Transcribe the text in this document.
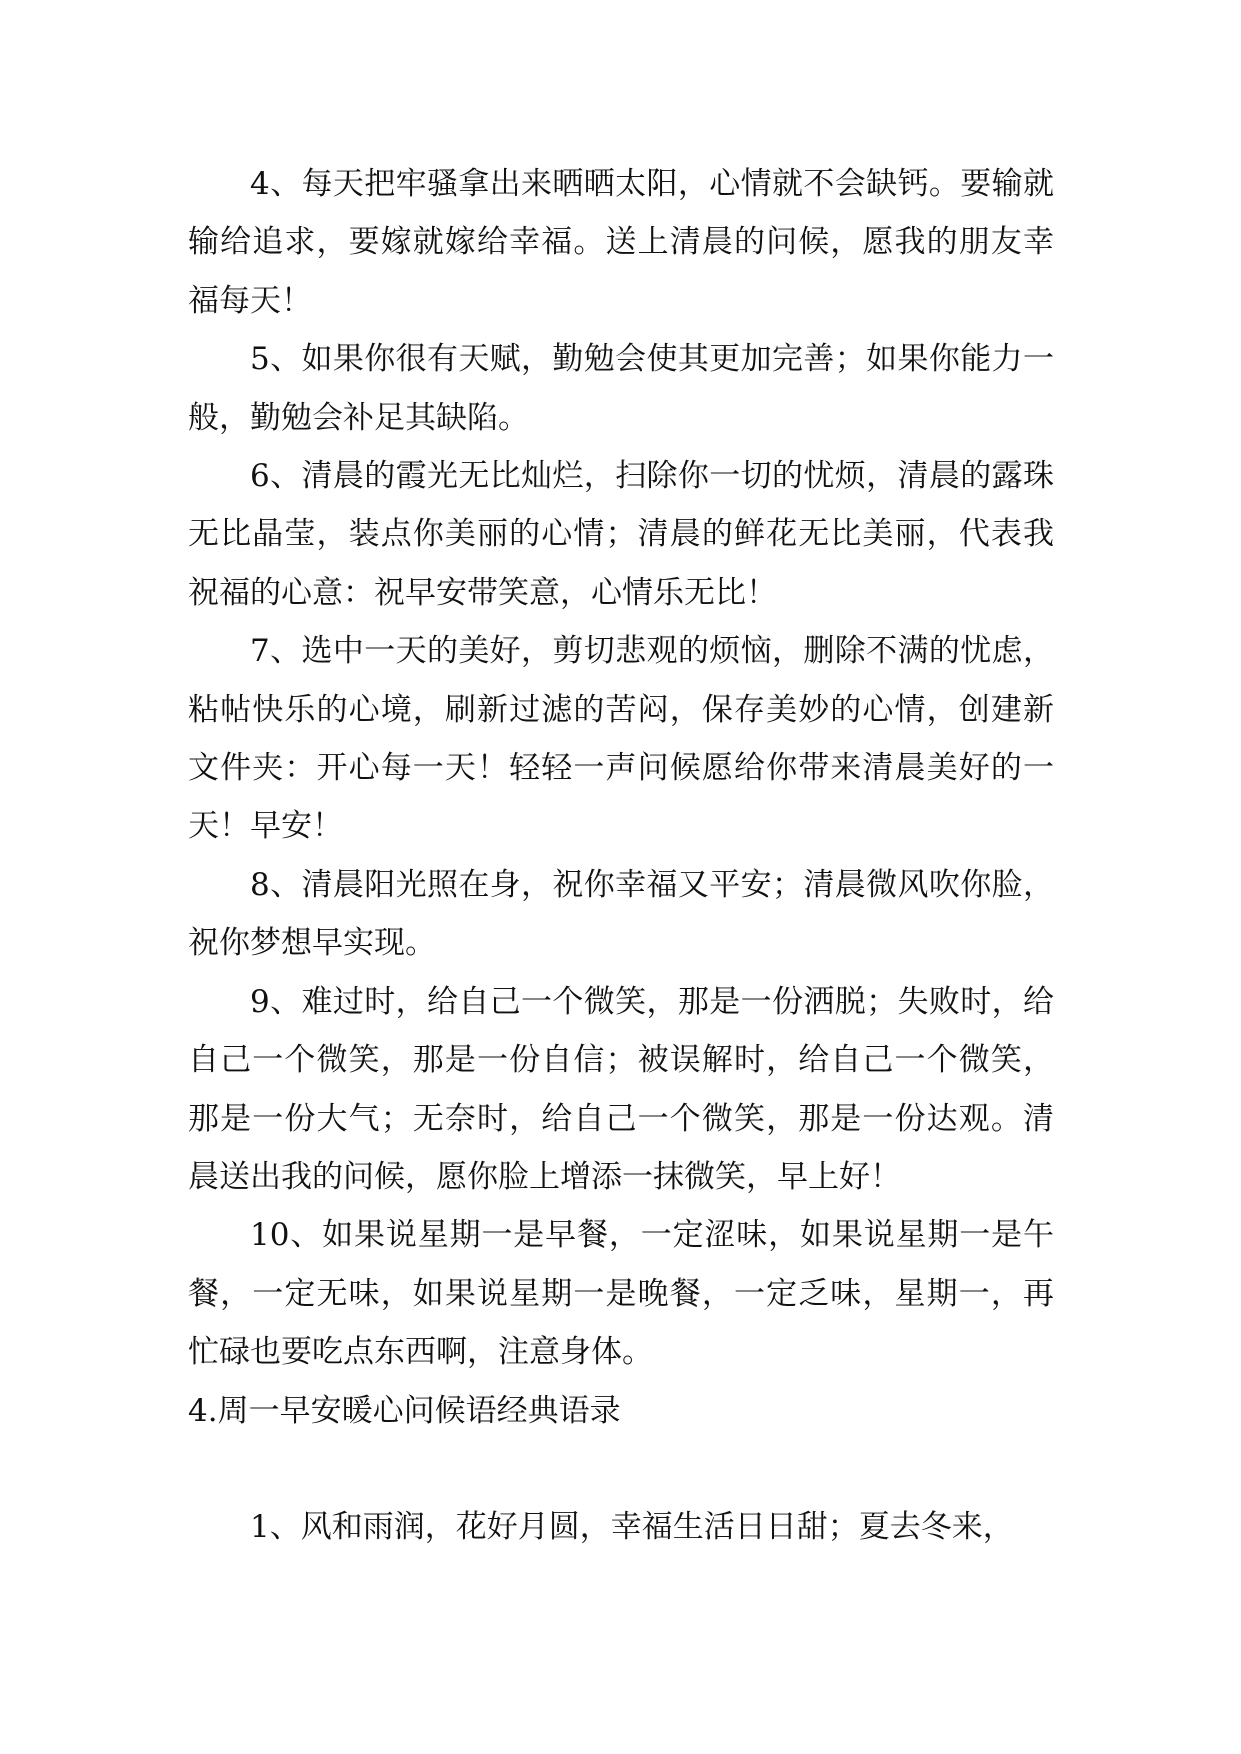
4、每天把牢骚拿出来晒晒太阳，心情就不会缺钙。要输就输给追求，要嫁就嫁给幸福。送上清晨的问候，愿我的朋友幸福每天！

5、如果你很有天赋，勤勉会使其更加完善；如果你能力一般，勤勉会补足其缺陷。

6、清晨的霞光无比灿烂，扫除你一切的忧烦，清晨的露珠无比晶莹，装点你美丽的心情；清晨的鲜花无比美丽，代表我祝福的心意：祝早安带笑意，心情乐无比！

7、选中一天的美好，剪切悲观的烦恼，删除不满的忧虑，粘帖快乐的心境，刷新过滤的苦闷，保存美妙的心情，创建新文件夹：开心每一天！轻轻一声问候愿给你带来清晨美好的一天！早安！

8、清晨阳光照在身，祝你幸福又平安；清晨微风吹你脸，祝你梦想早实现。

9、难过时，给自己一个微笑，那是一份洒脱；失败时，给自己一个微笑，那是一份自信；被误解时，给自己一个微笑，那是一份大气；无奈时，给自己一个微笑，那是一份达观。清晨送出我的问候，愿你脸上增添一抹微笑，早上好！

10、如果说星期一是早餐，一定涩味，如果说星期一是午餐，一定无味，如果说星期一是晚餐，一定乏味，星期一，再忙碌也要吃点东西啊，注意身体。

4.周一早安暖心问候语经典语录

1、风和雨润，花好月圆，幸福生活日日甜；夏去冬来，
